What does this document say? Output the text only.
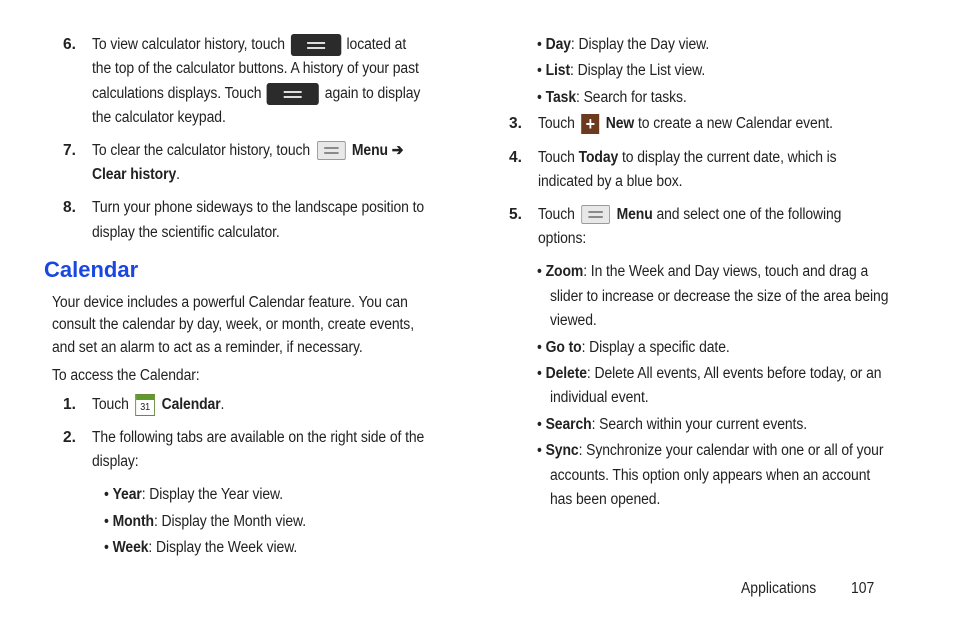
6. To view calculator history, touch	located at
the top of the calculator buttons. A history of your past
calculations displays. Touch	again to display
the calculator keypad.
7. To clear the calculator history, touch	Menu ➔
Clear history.
8. Turn your phone sideways to the landscape position to
display the scientific calculator.
Calendar
Your device includes a powerful Calendar feature. You can
consult the calendar by day, week, or month, create events,
and set an alarm to act as a reminder, if necessary.
To access the Calendar:
1. Touch	31 Calendar.
2. The following tabs are available on the right side of the
display:
• Year: Display the Year view.
• Month: Display the Month view.
• Week: Display the Week view.
• Day: Display the Day view.
• List: Display the List view.
• Task: Search for tasks.
3. Touch + New to create a new Calendar event.
4. Touch Today to display the current date, which is
indicated by a blue box.
5. Touch	Menu and select one of the following
options:
• Zoom: In the Week and Day views, touch and drag a
slider to increase or decrease the size of the area being
viewed.
• Go to: Display a specific date.
• Delete: Delete All events, All events before today, or an
individual event.
• Search: Search within your current events.
• Sync: Synchronize your calendar with one or all of your
accounts. This option only appears when an account
has been opened.
Applications 107
